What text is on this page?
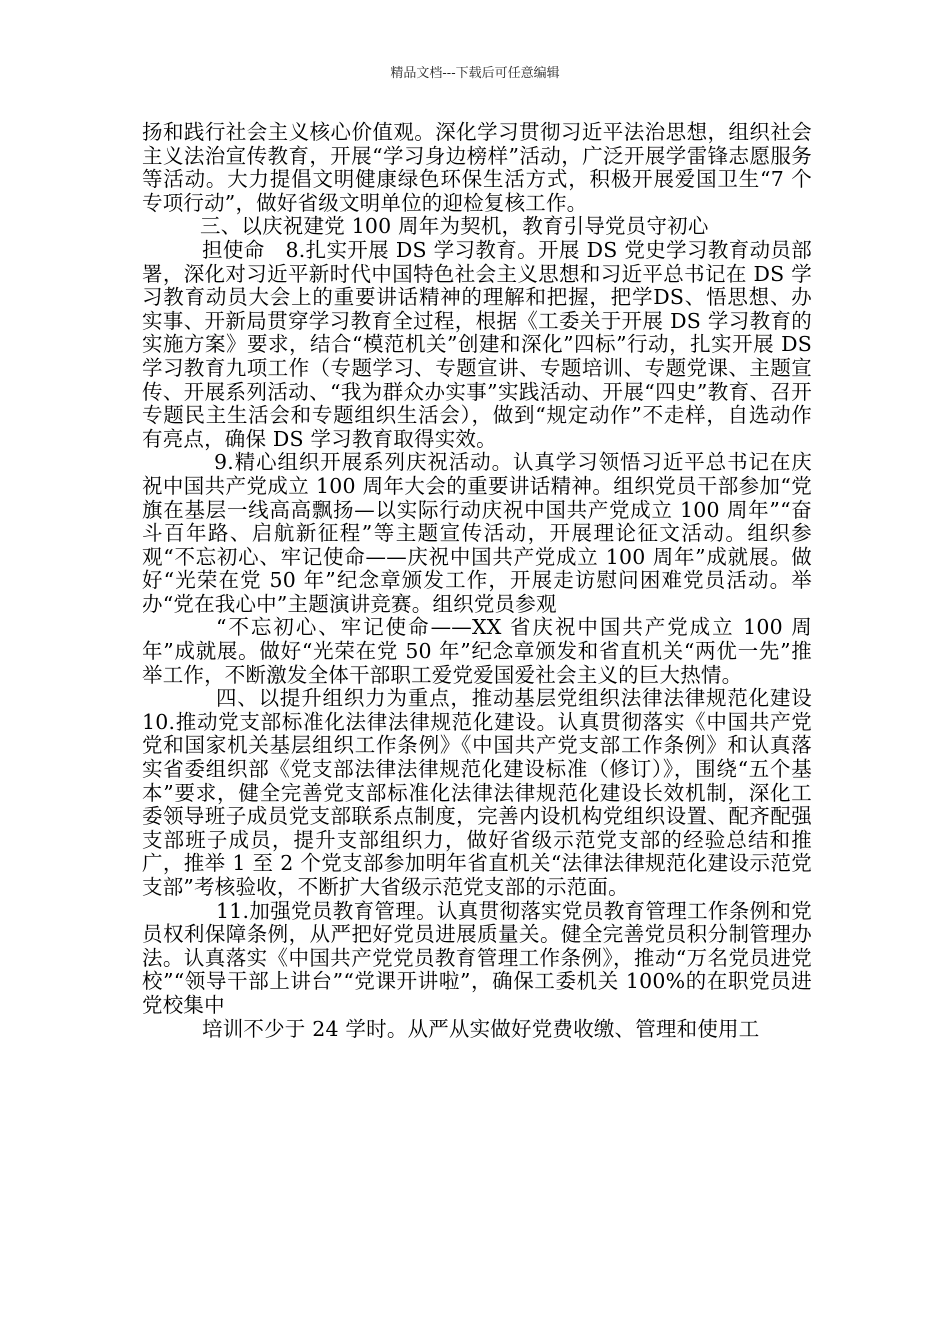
精品文档---下载后可任意编辑

扬和践行社会主义核心价值观。深化学习贯彻习近平法治思想，组织社会主义法治宣传教育，开展“学习身边榜样”活动，广泛开展学雷锋志愿服务等活动。大力提倡文明健康绿色环保生活方式，积极开展爱国卫生“7 个专项行动”，做好省级文明单位的迎检复核工作。

三、以庆祝建党 100 周年为契机，教育引导党员守初心

担使命　8.扎实开展 DS 学习教育。开展 DS 党史学习教育动员部署，深化对习近平新时代中国特色社会主义思想和习近平总书记在 DS 学习教育动员大会上的重要讲话精神的理解和把握，把学DS、悟思想、办实事、开新局贯穿学习教育全过程，根据《工委关于开展 DS 学习教育的实施方案》要求，结合“模范机关”创建和深化”四标”行动，扎实开展 DS 学习教育九项工作（专题学习、专题宣讲、专题培训、专题党课、主题宣传、开展系列活动、“我为群众办实事”实践活动、开展“四史”教育、召开专题民主生活会和专题组织生活会），做到“规定动作”不走样，自选动作有亮点，确保 DS 学习教育取得实效。

9.精心组织开展系列庆祝活动。认真学习领悟习近平总书记在庆祝中国共产党成立 100 周年大会的重要讲话精神。组织党员干部参加“党旗在基层一线高高飘扬—以实际行动庆祝中国共产党成立 100 周年”“奋斗百年路、启航新征程”等主题宣传活动，开展理论征文活动。组织参观“不忘初心、牢记使命——庆祝中国共产党成立 100 周年”成就展。做好“光荣在党 50 年”纪念章颁发工作，开展走访慰问困难党员活动。举办“党在我心中”主题演讲竞赛。组织党员参观

“不忘初心、牢记使命——XX 省庆祝中国共产党成立 100 周年”成就展。做好“光荣在党 50 年”纪念章颁发和省直机关“两优一先”推举工作，不断激发全体干部职工爱党爱国爱社会主义的巨大热情。

四、以提升组织力为重点，推动基层党组织法律法律规范化建设　10.推动党支部标准化法律法律规范化建设。认真贯彻落实《中国共产党党和国家机关基层组织工作条例》《中国共产党支部工作条例》和认真落实省委组织部《党支部法律法律规范化建设标准（修订）》，围绕“五个基本”要求，健全完善党支部标准化法律法律规范化建设长效机制，深化工委领导班子成员党支部联系点制度，完善内设机构党组织设置、配齐配强支部班子成员，提升支部组织力，做好省级示范党支部的经验总结和推广，推举 1 至 2 个党支部参加明年省直机关“法律法律规范化建设示范党支部”考核验收，不断扩大省级示范党支部的示范面。

11.加强党员教育管理。认真贯彻落实党员教育管理工作条例和党员权利保障条例，从严把好党员进展质量关。健全完善党员积分制管理办法。认真落实《中国共产党党员教育管理工作条例》，推动“万名党员进党校”“领导干部上讲台”“党课开讲啦”，确保工委机关 100%的在职党员进党校集中

培训不少于 24 学时。从严从实做好党费收缴、管理和使用工
